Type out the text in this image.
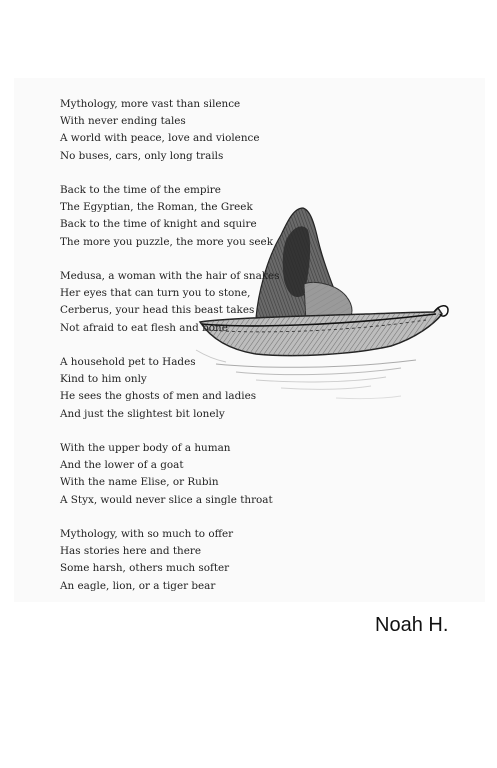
Mythology, more vast than silence
With never ending tales
A world with peace, love and violence
No buses, cars, only long trails
Back to the time of the empire
The Egyptian, the Roman, the Greek
Back to the time of knight and squire
The more you puzzle, the more you seek
Medusa, a woman with the hair of snakes
Her eyes that can turn you to stone,
Cerberus, your head this beast takes
Not afraid to eat flesh and bone
A household pet to Hades
Kind to him only
He sees the ghosts of men and ladies
And just the slightest bit lonely
With the upper body of a human
And the lower of a goat
With the name Elise, or Rubin
A Styx, would never slice a single throat
Mythology, with so much to offer
Has stories here and there
Some harsh, others much softer
An eagle, lion, or a tiger bear
Noah H.
